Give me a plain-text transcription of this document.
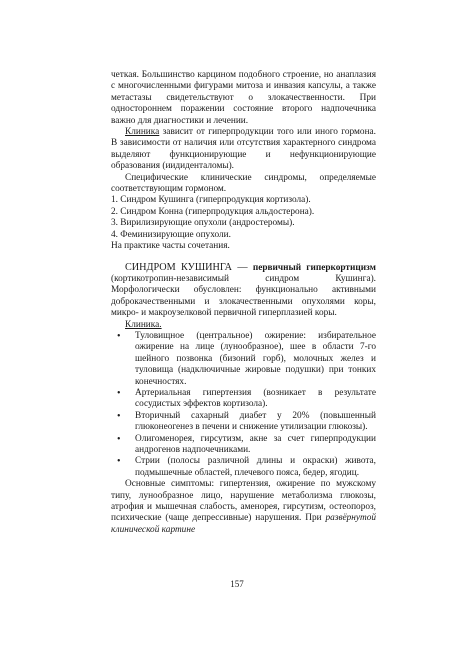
четкая. Большинство карцином подобного строение, но анаплазия с многочисленными фигурами митоза и инвазия капсулы, а также метастазы свидетельствуют о злокачественности. При одностороннем поражении состояние второго надпочечника важно для диагностики и лечении.

Клиника зависит от гиперпродукции того или иного гормона. В зависимости от наличия или отсутствия характерного синдрома выделяют функционирующие и нефункционирующие образования (иидиденталомы).

Специфические клинические синдромы, определяемые соответствующим гормоном.

1. Синдром Кушинга (гиперпродукция кортизола).

2. Синдром Конна (гиперпродукция альдостерона).

3. Вирилизирующие опухоли (андростеромы).

4. Феминизирующие опухоли.

На практике часты сочетания.

СИНДРОМ КУШИНГА — первичный гиперкортицизм (кортикотропин-независимый синдром Кушинга). Морфологически обусловлен: функционально активными доброкачественными и злокачественными опухолями коры, микро- и макроузелковой первичной гиперплазией коры.

Клиника.

•	Туловищное (центральное) ожирение: избирательное ожирение на лице (лунообразное), шее в области 7-го шейного позвонка (бизоний горб), молочных желез и туловища (надключичные жировые подушки) при тонких конечностях.
•	Артериальная гипертензия (возникает в результате сосудистых эффектов кортизола).
•	Вторичный сахарный диабет у 20% (повышенный глюконеогенез в печени и снижение утилизации глюкозы).
•	Олигоменорея, гирсутизм, акне за счет гиперпродукции андрогенов надпочечниками.
•	Стрии (полосы различной длины и окраски) живота, подмышечные областей, плечевого пояса, бедер, ягодиц.

Основные симптомы: гипертензия, ожирение по мужскому типу, лунообразное лицо, нарушение метаболизма глюкозы, атрофия и мышечная слабость, аменорея, гирсутизм, остеопороз, психические (чаще депрессивные) нарушения. При развёрнутой клинической картине

157
